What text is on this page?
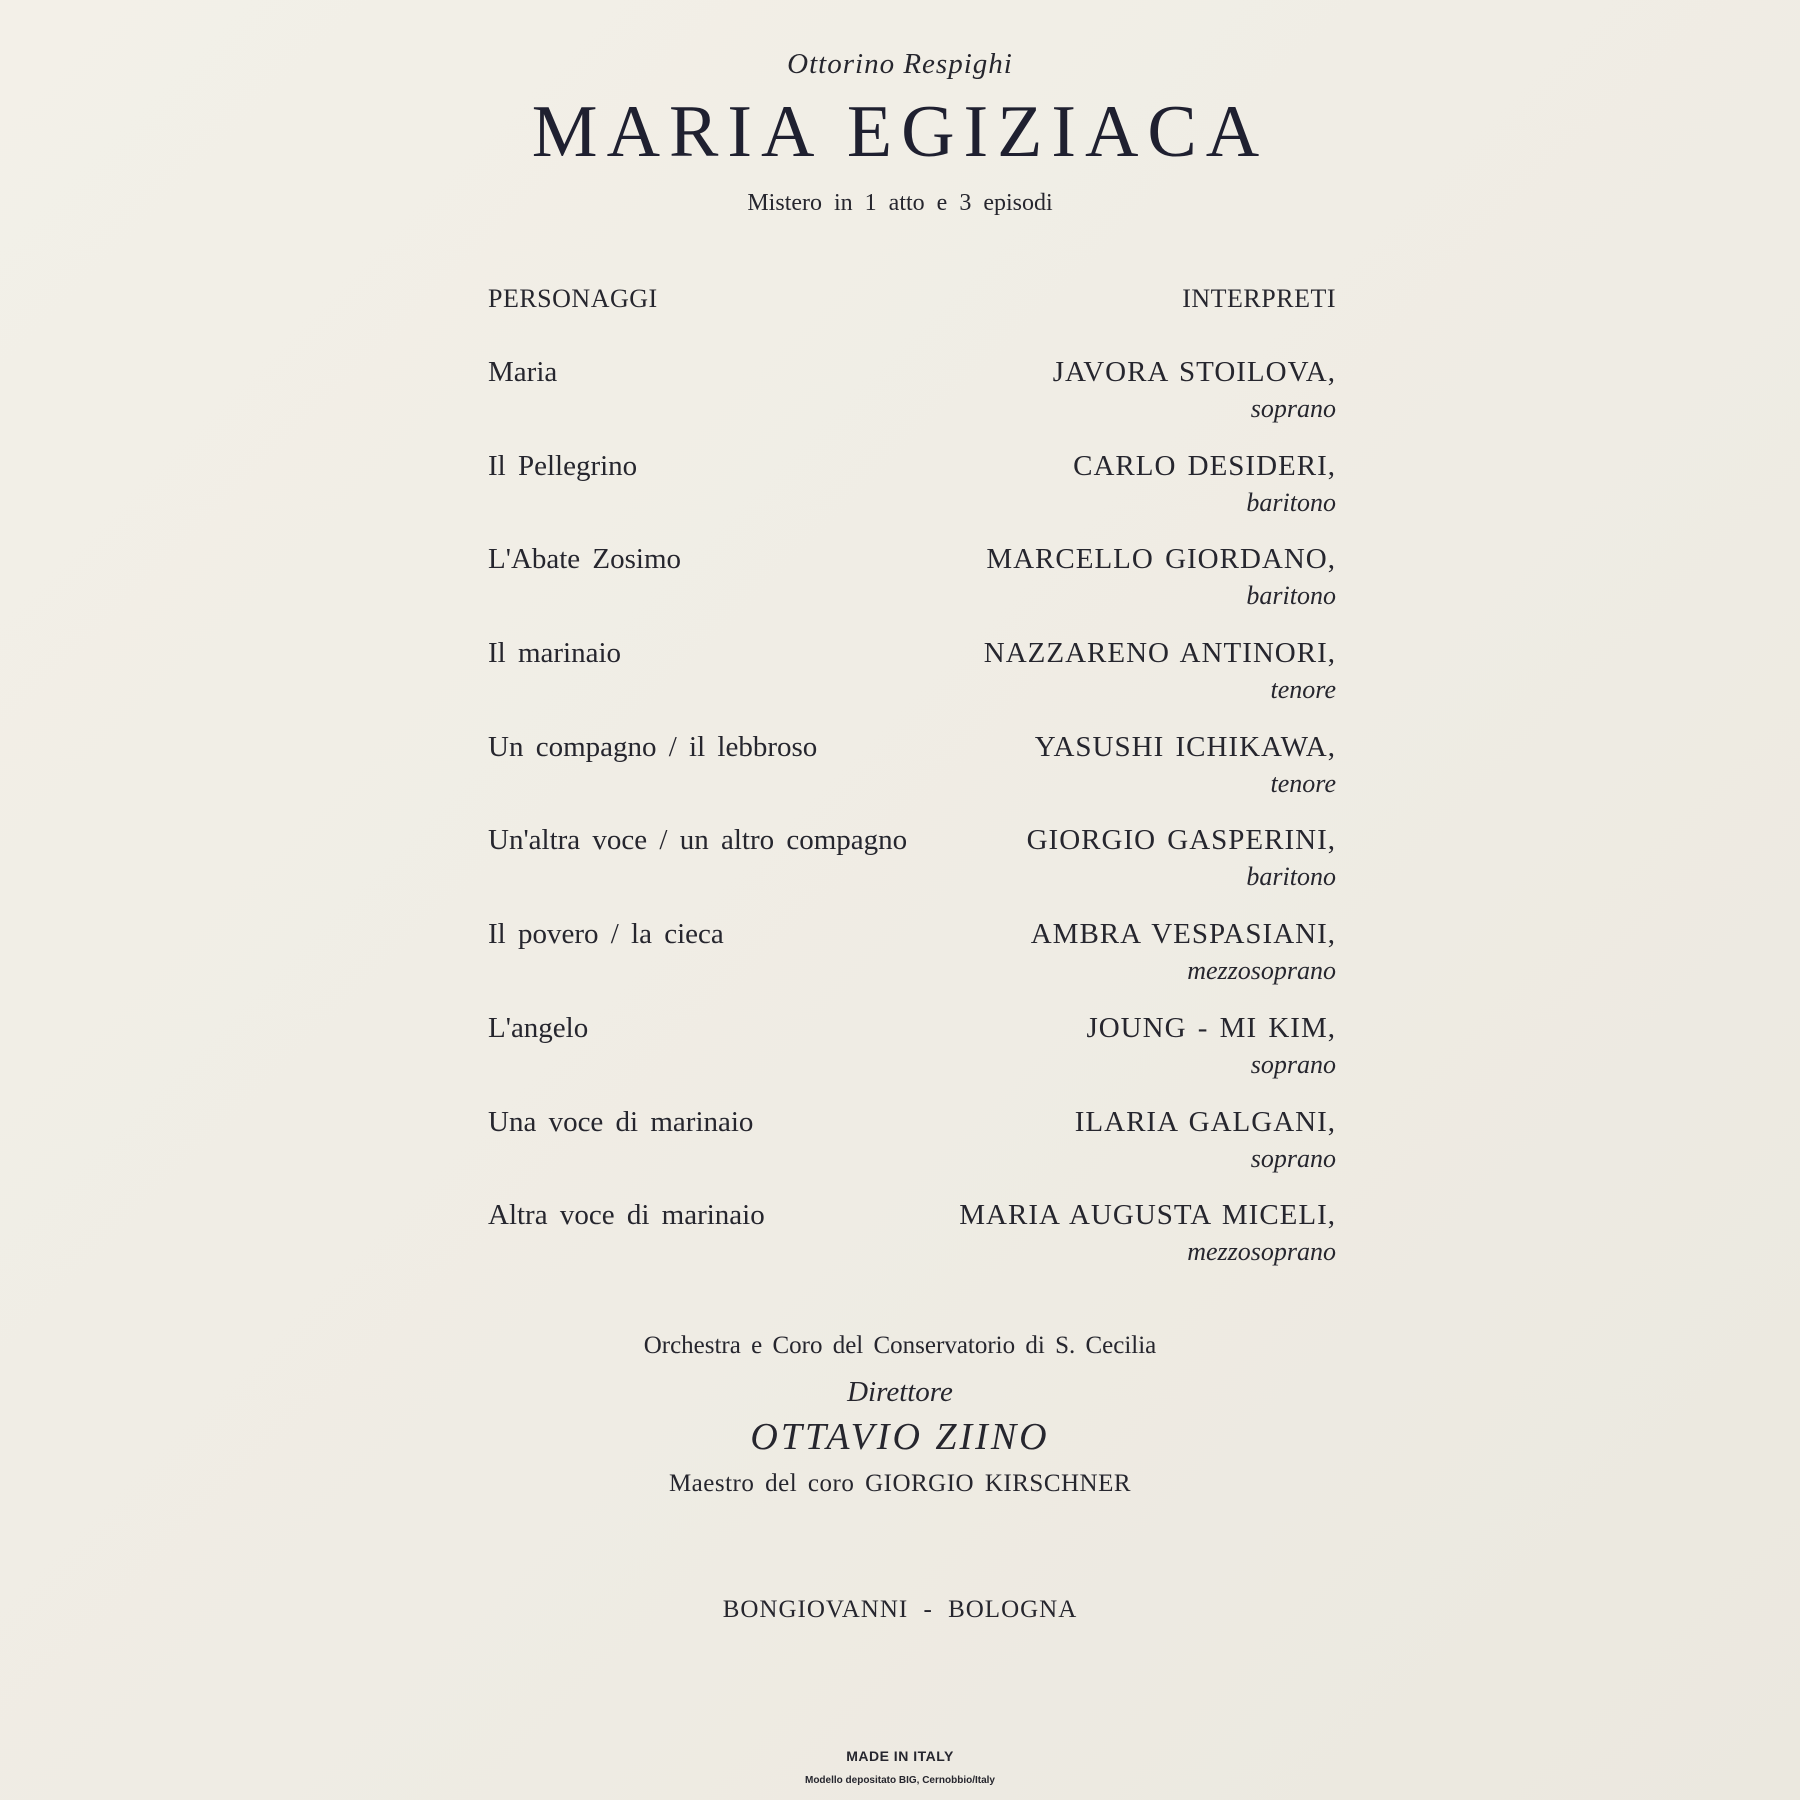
Ottorino Respighi
MARIA EGIZIACA
Mistero in 1 atto e 3 episodi
PERSONAGGI	INTERPRETI
Maria	JAVORA STOILOVA,
soprano
Il Pellegrino	CARLO DESIDERI,
baritono
L'Abate Zosimo	MARCELLO GIORDANO,
baritono
Il marinaio	NAZZARENO ANTINORI,
tenore
Un compagno / il lebbroso	YASUSHI ICHIKAWA,
tenore
Un'altra voce / un altro compagno	GIORGIO GASPERINI,
baritono
Il povero / la cieca	AMBRA VESPASIANI,
mezzosoprano
L'angelo	JOUNG - MI KIM,
soprano
Una voce di marinaio	ILARIA GALGANI,
soprano
Altra voce di marinaio	MARIA AUGUSTA MICELI,
mezzosoprano
Orchestra e Coro del Conservatorio di S. Cecilia
Direttore
OTTAVIO ZIINO
Maestro del coro GIORGIO KIRSCHNER
BONGIOVANNI - BOLOGNA
MADE IN ITALY
Modello depositato BIG, Cernobbio/Italy
